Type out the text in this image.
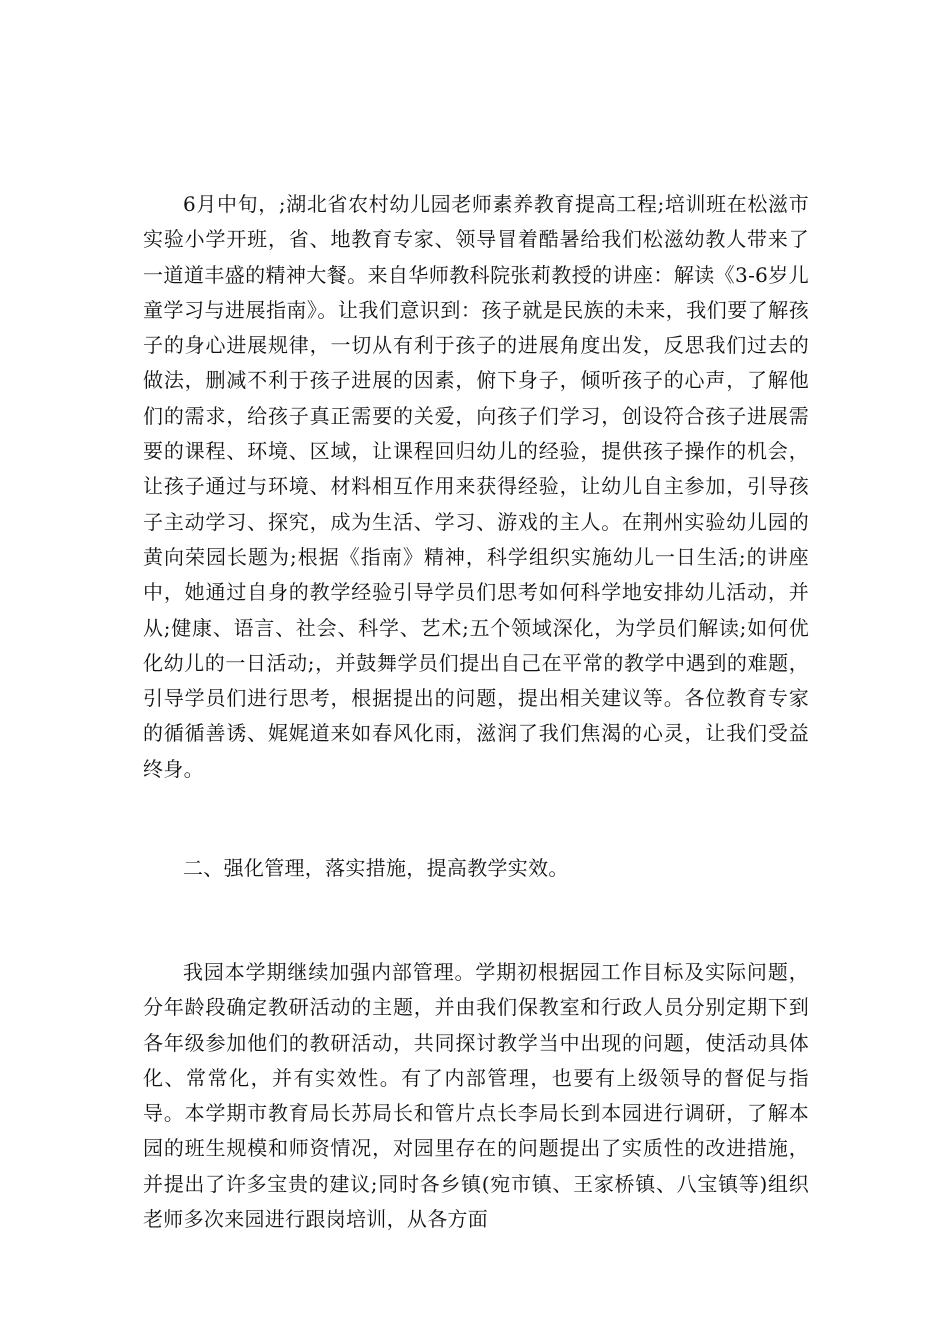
6月中旬，;湖北省农村幼儿园老师素养教育提高工程;培训班在松滋市实验小学开班，省、地教育专家、领导冒着酷暑给我们松滋幼教人带来了一道道丰盛的精神大餐。来自华师教科院张莉教授的讲座：解读《3-6岁儿童学习与进展指南》。让我们意识到：孩子就是民族的未来，我们要了解孩子的身心进展规律，一切从有利于孩子的进展角度出发，反思我们过去的做法，删减不利于孩子进展的因素，俯下身子，倾听孩子的心声，了解他们的需求，给孩子真正需要的关爱，向孩子们学习，创设符合孩子进展需要的课程、环境、区域，让课程回归幼儿的经验，提供孩子操作的机会，让孩子通过与环境、材料相互作用来获得经验，让幼儿自主参加，引导孩子主动学习、探究，成为生活、学习、游戏的主人。在荆州实验幼儿园的黄向荣园长题为;根据《指南》精神，科学组织实施幼儿一日生活;的讲座中，她通过自身的教学经验引导学员们思考如何科学地安排幼儿活动，并从;健康、语言、社会、科学、艺术;五个领域深化，为学员们解读;如何优化幼儿的一日活动;，并鼓舞学员们提出自己在平常的教学中遇到的难题，引导学员们进行思考，根据提出的问题，提出相关建议等。各位教育专家的循循善诱、娓娓道来如春风化雨，滋润了我们焦渴的心灵，让我们受益终身。

二、强化管理，落实措施，提高教学实效。

我园本学期继续加强内部管理。学期初根据园工作目标及实际问题，分年龄段确定教研活动的主题，并由我们保教室和行政人员分别定期下到各年级参加他们的教研活动，共同探讨教学当中出现的问题，使活动具体化、常常化，并有实效性。有了内部管理，也要有上级领导的督促与指导。本学期市教育局长苏局长和管片点长李局长到本园进行调研，了解本园的班生规模和师资情况，对园里存在的问题提出了实质性的改进措施，并提出了许多宝贵的建议;同时各乡镇(宛市镇、王家桥镇、八宝镇等)组织老师多次来园进行跟岗培训，从各方面
